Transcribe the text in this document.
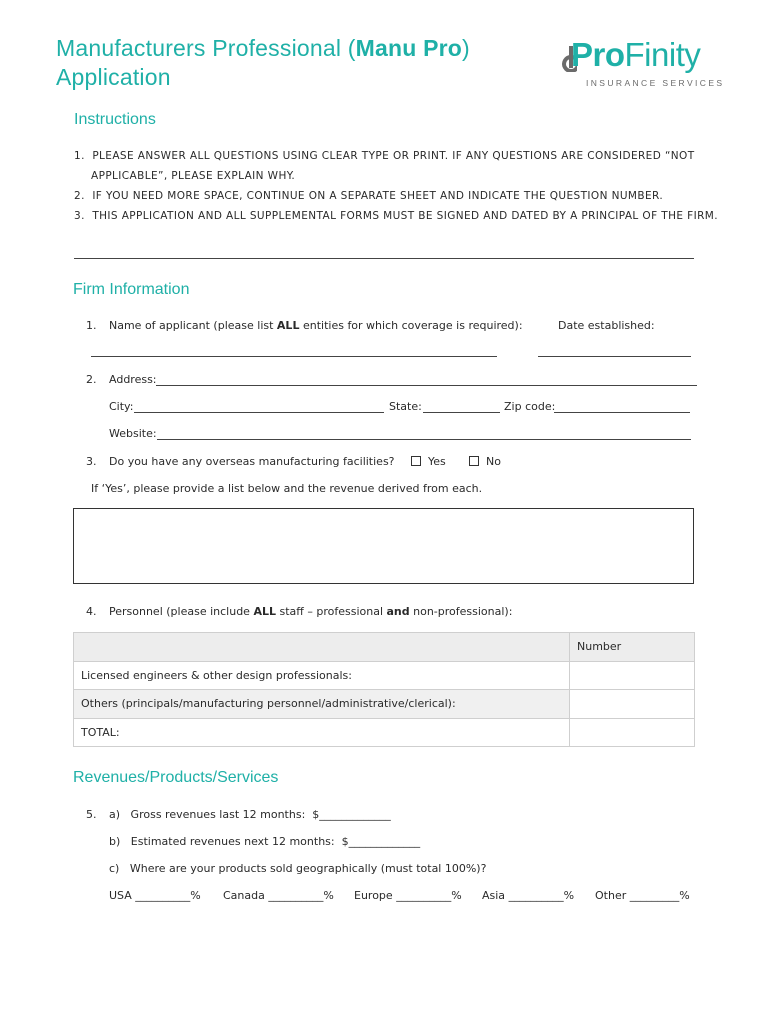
Manufacturers Professional (Manu Pro)
Application
ProFinity
INSURANCE SERVICES
Instructions
1. PLEASE ANSWER ALL QUESTIONS USING CLEAR TYPE OR PRINT. IF ANY QUESTIONS ARE CONSIDERED “NOT
APPLICABLE”, PLEASE EXPLAIN WHY.
2. IF YOU NEED MORE SPACE, CONTINUE ON A SEPARATE SHEET AND INDICATE THE QUESTION NUMBER.
3. THIS APPLICATION AND ALL SUPPLEMENTAL FORMS MUST BE SIGNED AND DATED BY A PRINCIPAL OF THE FIRM.
Firm Information
1. Name of applicant (please list ALL entities for which coverage is required):	Date established:
2. Address:
City:	State:	Zip code:
Website:
3. Do you have any overseas manufacturing facilities?	Yes	No
If ‘Yes’, please provide a list below and the revenue derived from each.
4. Personnel (please include ALL staff – professional and non-professional):
	Number
Licensed engineers & other design professionals:	
Others (principals/manufacturing personnel/administrative/clerical):	
TOTAL:	
Revenues/Products/Services
5. a) Gross revenues last 12 months: $_____________
b) Estimated revenues next 12 months: $_____________
c) Where are your products sold geographically (must total 100%)?
USA __________% Canada __________% Europe __________% Asia __________% Other _________%
